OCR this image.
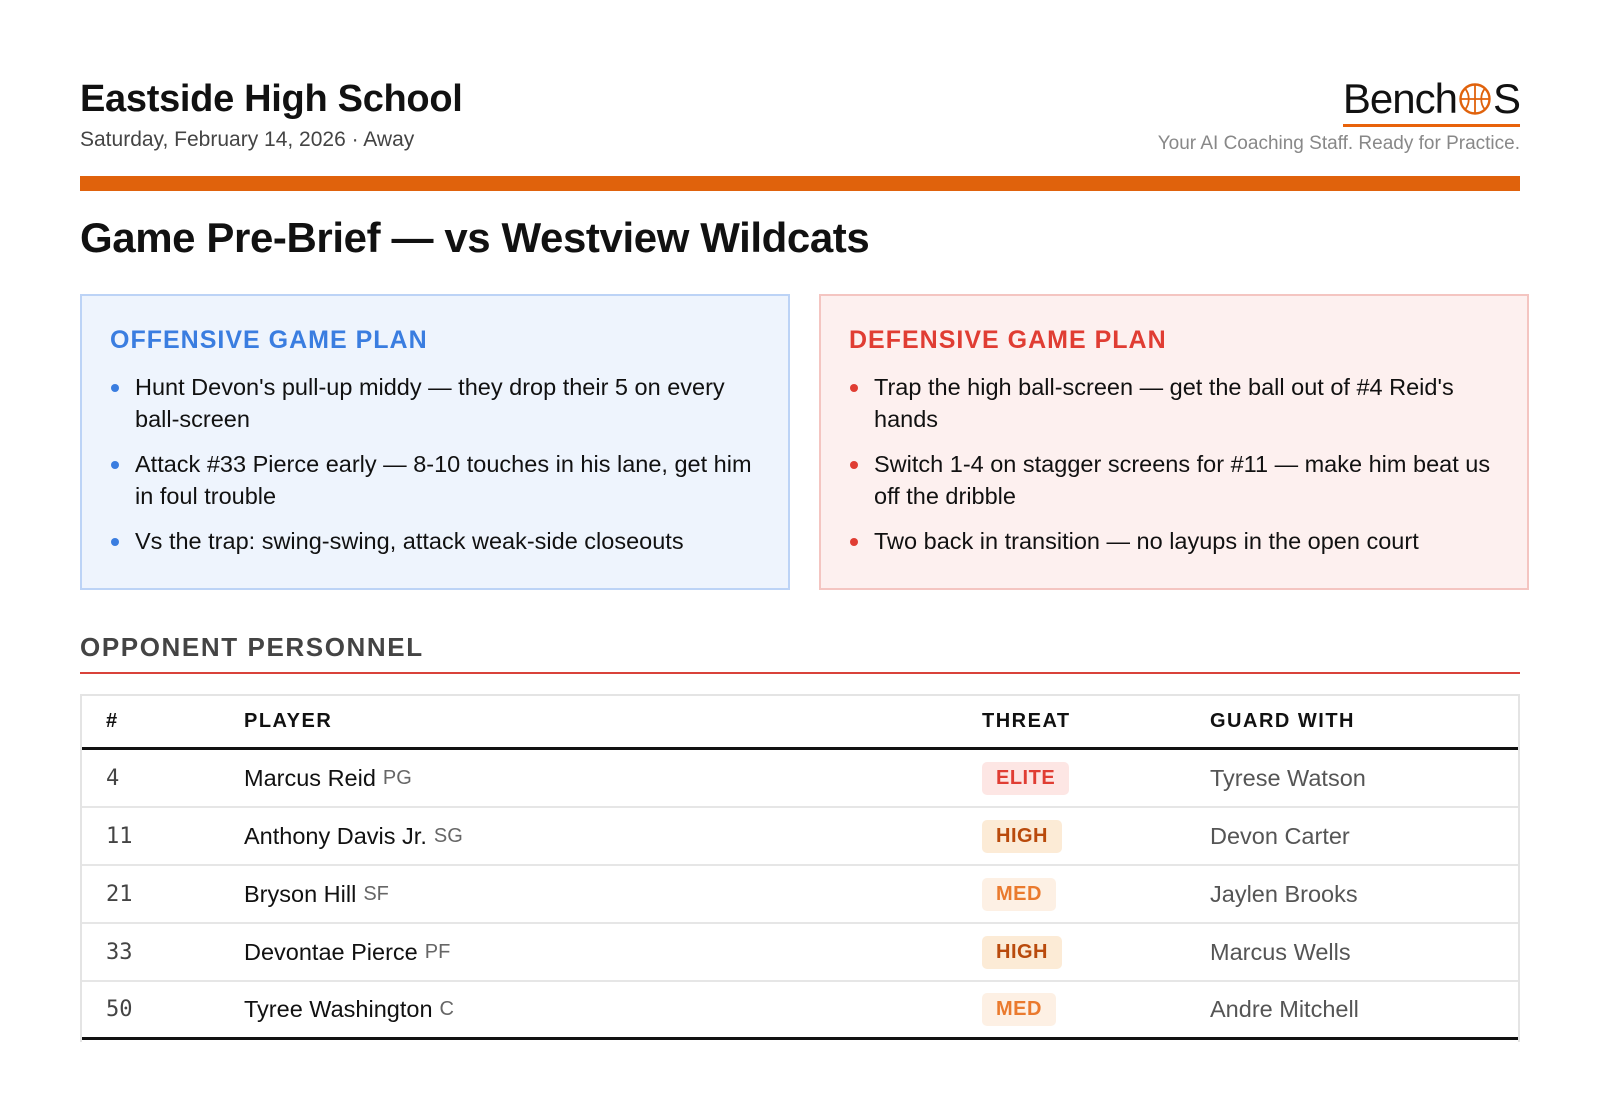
Eastside High School
Saturday, February 14, 2026 · Away
Bench S
Your AI Coaching Staff. Ready for Practice.
Game Pre-Brief — vs Westview Wildcats
OFFENSIVE GAME PLAN
Hunt Devon's pull-up middy — they drop their 5 on every ball-screen
Attack #33 Pierce early — 8-10 touches in his lane, get him in foul trouble
Vs the trap: swing-swing, attack weak-side closeouts
DEFENSIVE GAME PLAN
Trap the high ball-screen — get the ball out of #4 Reid's hands
Switch 1-4 on stagger screens for #11 — make him beat us off the dribble
Two back in transition — no layups in the open court
OPPONENT PERSONNEL
#	PLAYER	THREAT	GUARD WITH
4	Marcus Reid PG	ELITE	Tyrese Watson
11	Anthony Davis Jr. SG	HIGH	Devon Carter
21	Bryson Hill SF	MED	Jaylen Brooks
33	Devontae Pierce PF	HIGH	Marcus Wells
50	Tyree Washington C	MED	Andre Mitchell
